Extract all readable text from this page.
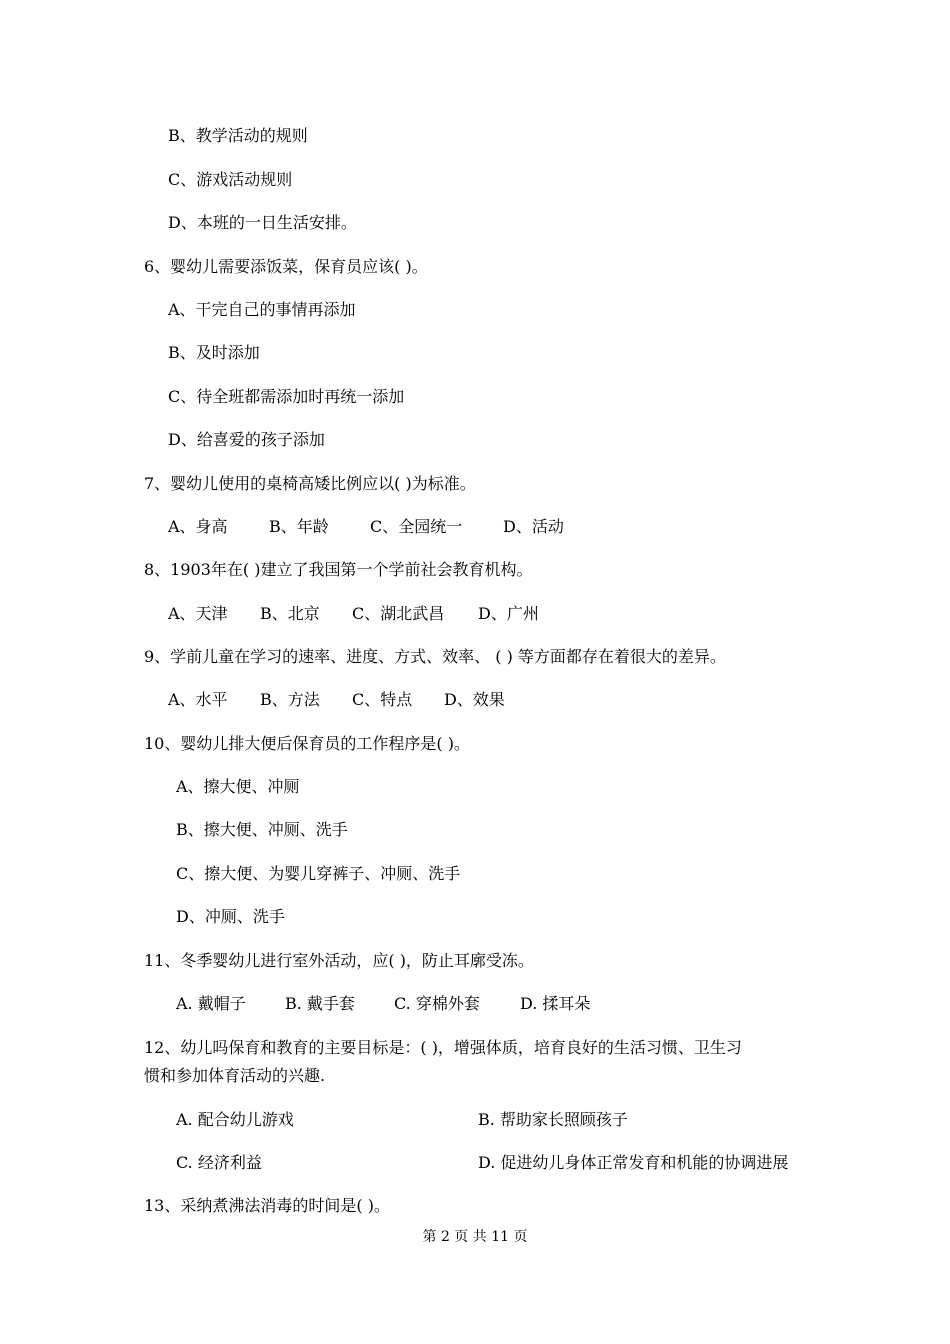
B、教学活动的规则
C、游戏活动规则
D、本班的一日生活安排。
6、婴幼儿需要添饭菜，保育员应该( )。
A、干完自己的事情再添加
B、及时添加
C、待全班都需添加时再统一添加
D、给喜爱的孩子添加
7、婴幼儿使用的桌椅高矮比例应以( )为标准。
A、身高	B、年龄	C、全园统一	D、活动
8、1903年在( )建立了我国第一个学前社会教育机构。
A、天津 B、北京 C、湖北武昌 D、广州
9、学前儿童在学习的速率、进度、方式、效率、 ( ) 等方面都存在着很大的差异。
A、水平 B、方法 C、特点 D、效果
10、婴幼儿排大便后保育员的工作程序是( )。
A、擦大便、冲厕
B、擦大便、冲厕、洗手
C、擦大便、为婴儿穿裤子、冲厕、洗手
D、冲厕、洗手
11、冬季婴幼儿进行室外活动，应( )，防止耳廓受冻。
A. 戴帽子 B. 戴手套 C. 穿棉外套	D. 揉耳朵
12、幼儿吗保育和教育的主要目标是：( )，增强体质，培育良好的生活习惯、卫生习
惯和参加体育活动的兴趣.
A. 配合幼儿游戏	B. 帮助家长照顾孩子
C. 经济利益	D. 促进幼儿身体正常发育和机能的协调进展
13、采纳煮沸法消毒的时间是( )。
第 2 页 共 11 页
